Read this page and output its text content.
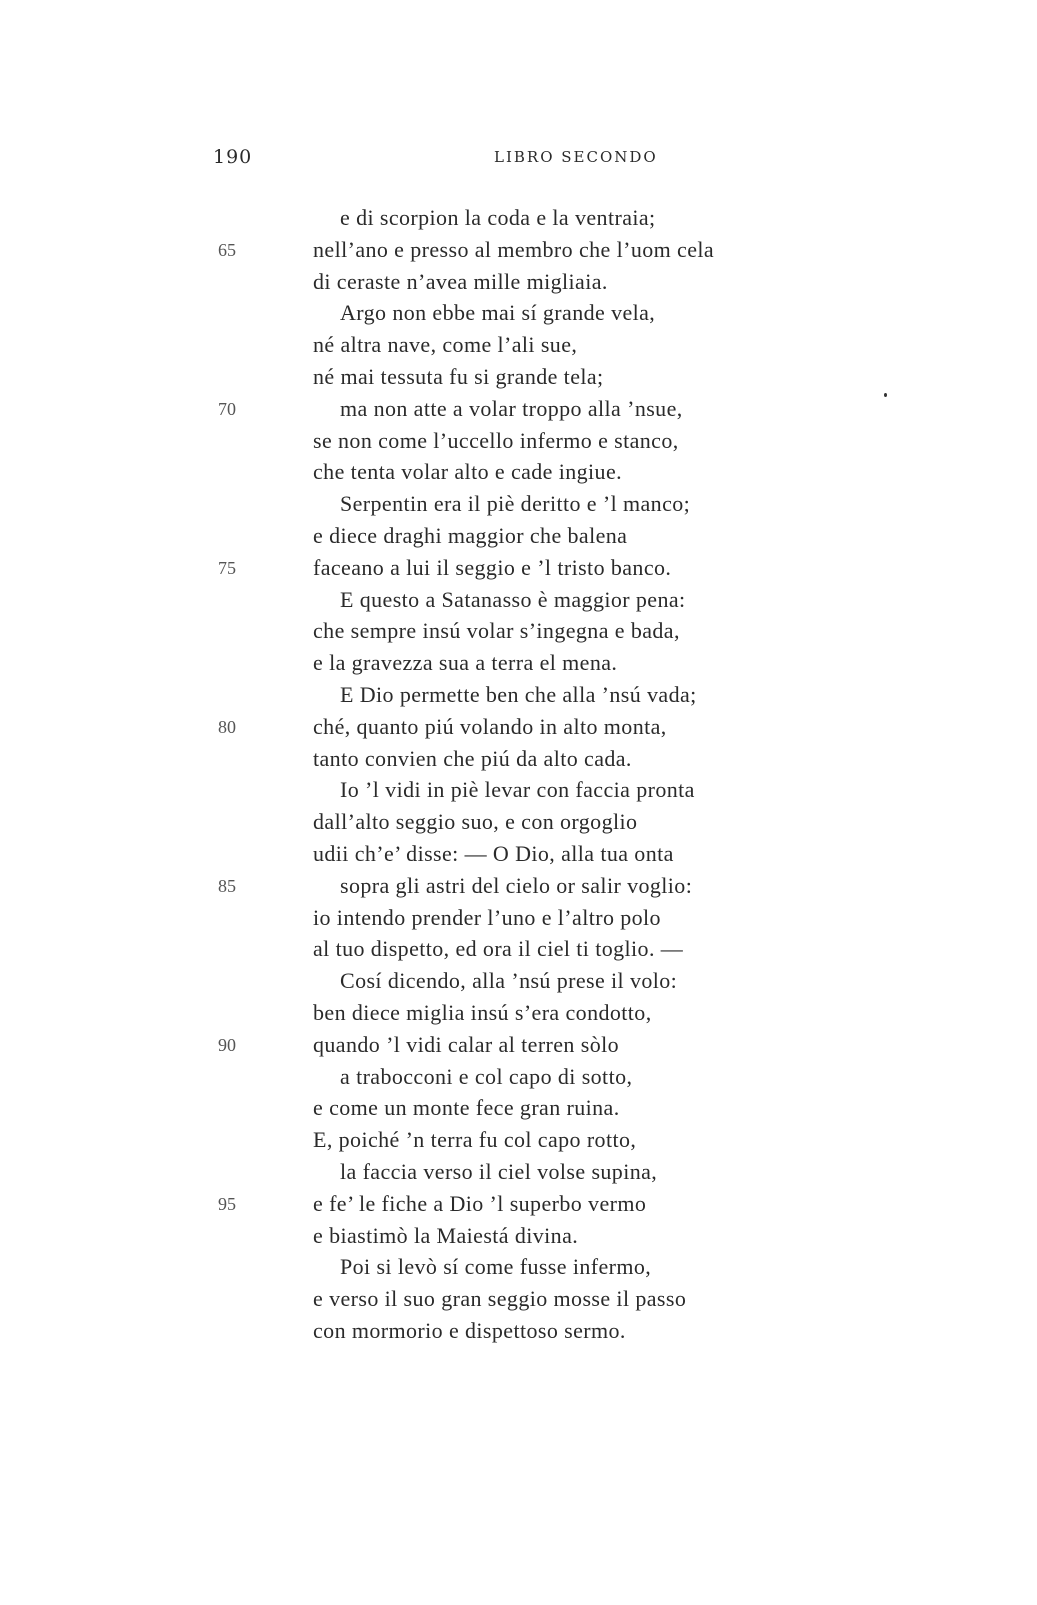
190	LIBRO SECONDO
e di scorpion la coda e la ventraia;
nell’ano e presso al membro che l’uom cela
65
di ceraste n’avea mille migliaia.
Argo non ebbe mai sí grande vela,
né altra nave, come l’ali sue,
né mai tessuta fu si grande tela;
ma non atte a volar troppo alla ’nsue,
70
se non come l’uccello infermo e stanco,
che tenta volar alto e cade ingiue.
Serpentin era il piè deritto e ’l manco;
e diece draghi maggior che balena
faceano a lui il seggio e ’l tristo banco.
75
E questo a Satanasso è maggior pena:
che sempre insú volar s’ingegna e bada,
e la gravezza sua a terra el mena.
E Dio permette ben che alla ’nsú vada;
ché, quanto piú volando in alto monta,
80
tanto convien che piú da alto cada.
Io ’l vidi in piè levar con faccia pronta
dall’alto seggio suo, e con orgoglio
udii ch’e’ disse: — O Dio, alla tua onta
sopra gli astri del cielo or salir voglio:
85
io intendo prender l’uno e l’altro polo
al tuo dispetto, ed ora il ciel ti toglio. —
Cosí dicendo, alla ’nsú prese il volo:
ben diece miglia insú s’era condotto,
quando ’l vidi calar al terren sòlo
90
a trabocconi e col capo di sotto,
e come un monte fece gran ruina.
E, poiché ’n terra fu col capo rotto,
la faccia verso il ciel volse supina,
e fe’ le fiche a Dio ’l superbo vermo
95
e biastimò la Maiestá divina.
Poi si levò sí come fusse infermo,
e verso il suo gran seggio mosse il passo
con mormorio e dispettoso sermo.
